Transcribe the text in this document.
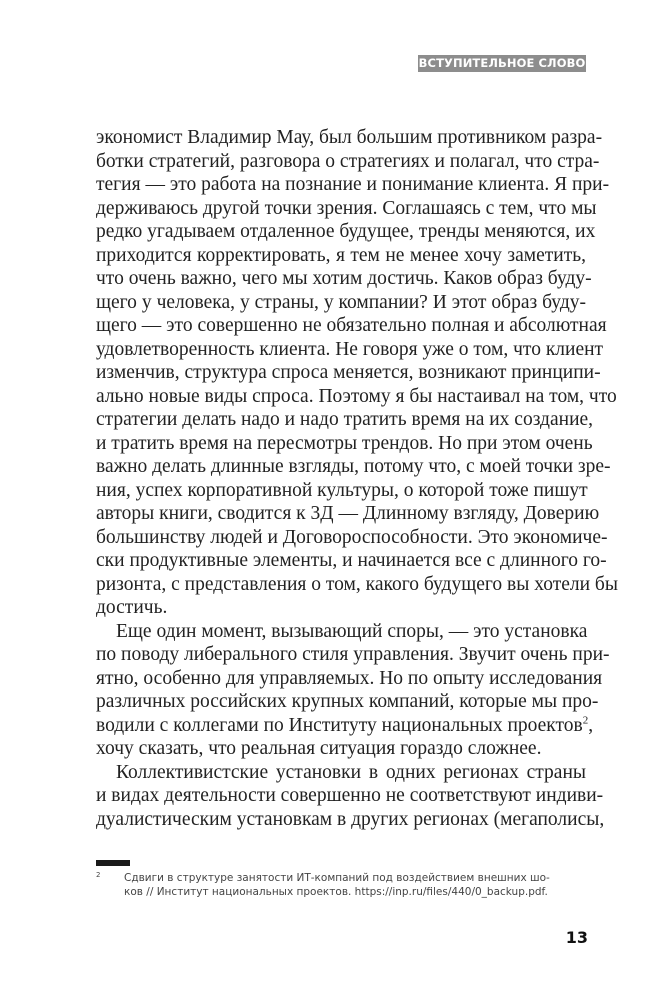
ВСТУПИТЕЛЬНОЕ СЛОВО
экономист Владимир Мау, был большим противником разра-
ботки стратегий, разговора о стратегиях и полагал, что стра-
тегия — это работа на познание и понимание клиента. Я при-
держиваюсь другой точки зрения. Соглашаясь с тем, что мы
редко угадываем отдаленное будущее, тренды меняются, их
приходится корректировать, я тем не менее хочу заметить,
что очень важно, чего мы хотим достичь. Каков образ буду-
щего у человека, у страны, у компании? И этот образ буду-
щего — это совершенно не обязательно полная и абсолютная
удовлетворенность клиента. Не говоря уже о том, что клиент
изменчив, структура спроса меняется, возникают принципи-
ально новые виды спроса. Поэтому я бы настаивал на том, что
стратегии делать надо и надо тратить время на их создание,
и тратить время на пересмотры трендов. Но при этом очень
важно делать длинные взгляды, потому что, с моей точки зре-
ния, успех корпоративной культуры, о которой тоже пишут
авторы книги, сводится к 3Д — Длинному взгляду, Доверию
большинству людей и Договороспособности. Это экономиче-
ски продуктивные элементы, и начинается все с длинного го-
ризонта, с представления о том, какого будущего вы хотели бы
достичь.
Еще один момент, вызывающий споры, — это установка
по поводу либерального стиля управления. Звучит очень при-
ятно, особенно для управляемых. Но по опыту исследования
различных российских крупных компаний, которые мы про-
водили с коллегами по Институту национальных проектов$^2$,
хочу сказать, что реальная ситуация гораздо сложнее.
Коллективистские установки в одних регионах страны
и видах деятельности совершенно не соответствуют индиви-
дуалистическим установкам в других регионах (мегаполисы,
2 Сдвиги в структуре занятости ИТ-компаний под воздействием внешних шо-
ков // Институт национальных проектов. https://inp.ru/files/440/0_backup.pdf.
13
